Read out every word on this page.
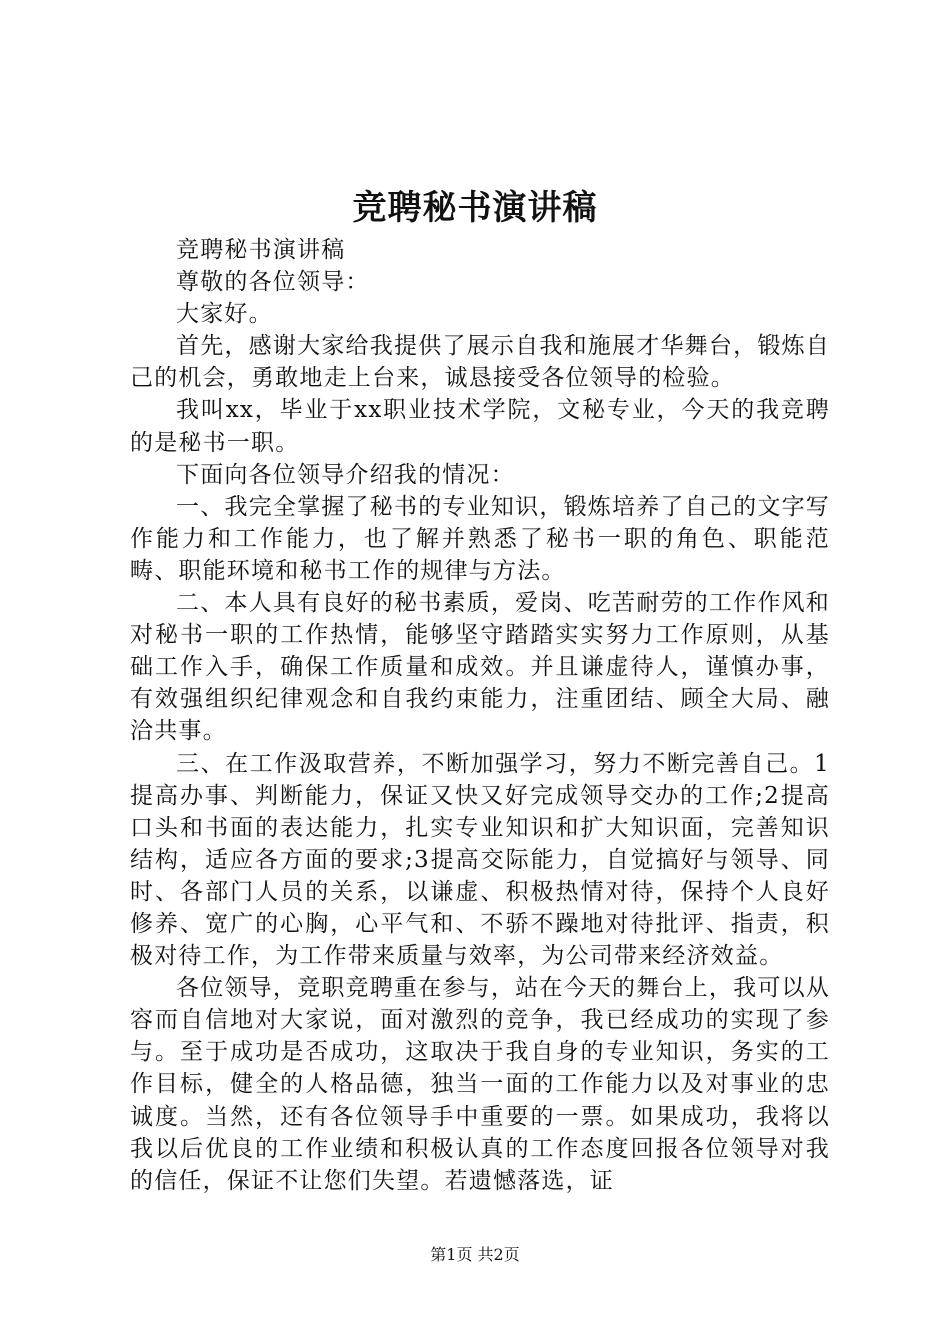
竞聘秘书演讲稿

竞聘秘书演讲稿

尊敬的各位领导：

大家好。

首先，感谢大家给我提供了展示自我和施展才华舞台，锻炼自己的机会，勇敢地走上台来，诚恳接受各位领导的检验。

我叫xx，毕业于xx职业技术学院，文秘专业，今天的我竞聘的是秘书一职。

下面向各位领导介绍我的情况：

一、我完全掌握了秘书的专业知识，锻炼培养了自己的文字写作能力和工作能力，也了解并熟悉了秘书一职的角色、职能范畴、职能环境和秘书工作的规律与方法。

二、本人具有良好的秘书素质，爱岗、吃苦耐劳的工作作风和对秘书一职的工作热情，能够坚守踏踏实实努力工作原则，从基础工作入手，确保工作质量和成效。并且谦虚待人，谨慎办事，有效强组织纪律观念和自我约束能力，注重团结、顾全大局、融洽共事。

三、在工作汲取营养，不断加强学习，努力不断完善自己。1提高办事、判断能力，保证又快又好完成领导交办的工作;2提高口头和书面的表达能力，扎实专业知识和扩大知识面，完善知识结构，适应各方面的要求;3提高交际能力，自觉搞好与领导、同时、各部门人员的关系，以谦虚、积极热情对待，保持个人良好修养、宽广的心胸，心平气和、不骄不躁地对待批评、指责，积极对待工作，为工作带来质量与效率，为公司带来经济效益。

各位领导，竞职竞聘重在参与，站在今天的舞台上，我可以从容而自信地对大家说，面对激烈的竞争，我已经成功的实现了参与。至于成功是否成功，这取决于我自身的专业知识，务实的工作目标，健全的人格品德，独当一面的工作能力以及对事业的忠诚度。当然，还有各位领导手中重要的一票。如果成功，我将以我以后优良的工作业绩和积极认真的工作态度回报各位领导对我的信任，保证不让您们失望。若遗憾落选，证

第1页 共2页
